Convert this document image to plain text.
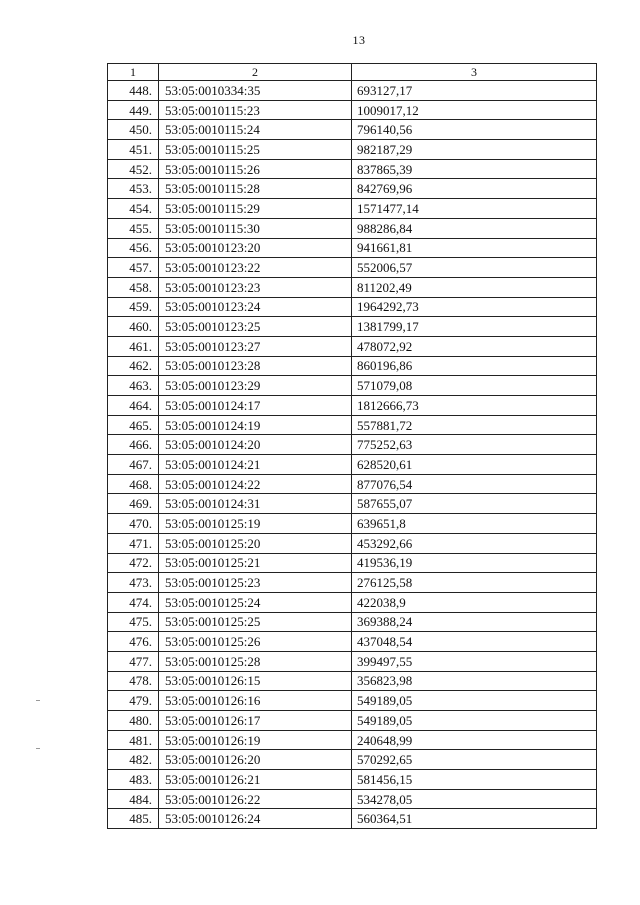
13
1	2	3
448.	53:05:0010334:35	693127,17
449.	53:05:0010115:23	1009017,12
450.	53:05:0010115:24	796140,56
451.	53:05:0010115:25	982187,29
452.	53:05:0010115:26	837865,39
453.	53:05:0010115:28	842769,96
454.	53:05:0010115:29	1571477,14
455.	53:05:0010115:30	988286,84
456.	53:05:0010123:20	941661,81
457.	53:05:0010123:22	552006,57
458.	53:05:0010123:23	811202,49
459.	53:05:0010123:24	1964292,73
460.	53:05:0010123:25	1381799,17
461.	53:05:0010123:27	478072,92
462.	53:05:0010123:28	860196,86
463.	53:05:0010123:29	571079,08
464.	53:05:0010124:17	1812666,73
465.	53:05:0010124:19	557881,72
466.	53:05:0010124:20	775252,63
467.	53:05:0010124:21	628520,61
468.	53:05:0010124:22	877076,54
469.	53:05:0010124:31	587655,07
470.	53:05:0010125:19	639651,8
471.	53:05:0010125:20	453292,66
472.	53:05:0010125:21	419536,19
473.	53:05:0010125:23	276125,58
474.	53:05:0010125:24	422038,9
475.	53:05:0010125:25	369388,24
476.	53:05:0010125:26	437048,54
477.	53:05:0010125:28	399497,55
478.	53:05:0010126:15	356823,98
479.	53:05:0010126:16	549189,05
480.	53:05:0010126:17	549189,05
481.	53:05:0010126:19	240648,99
482.	53:05:0010126:20	570292,65
483.	53:05:0010126:21	581456,15
484.	53:05:0010126:22	534278,05
485.	53:05:0010126:24	560364,51
